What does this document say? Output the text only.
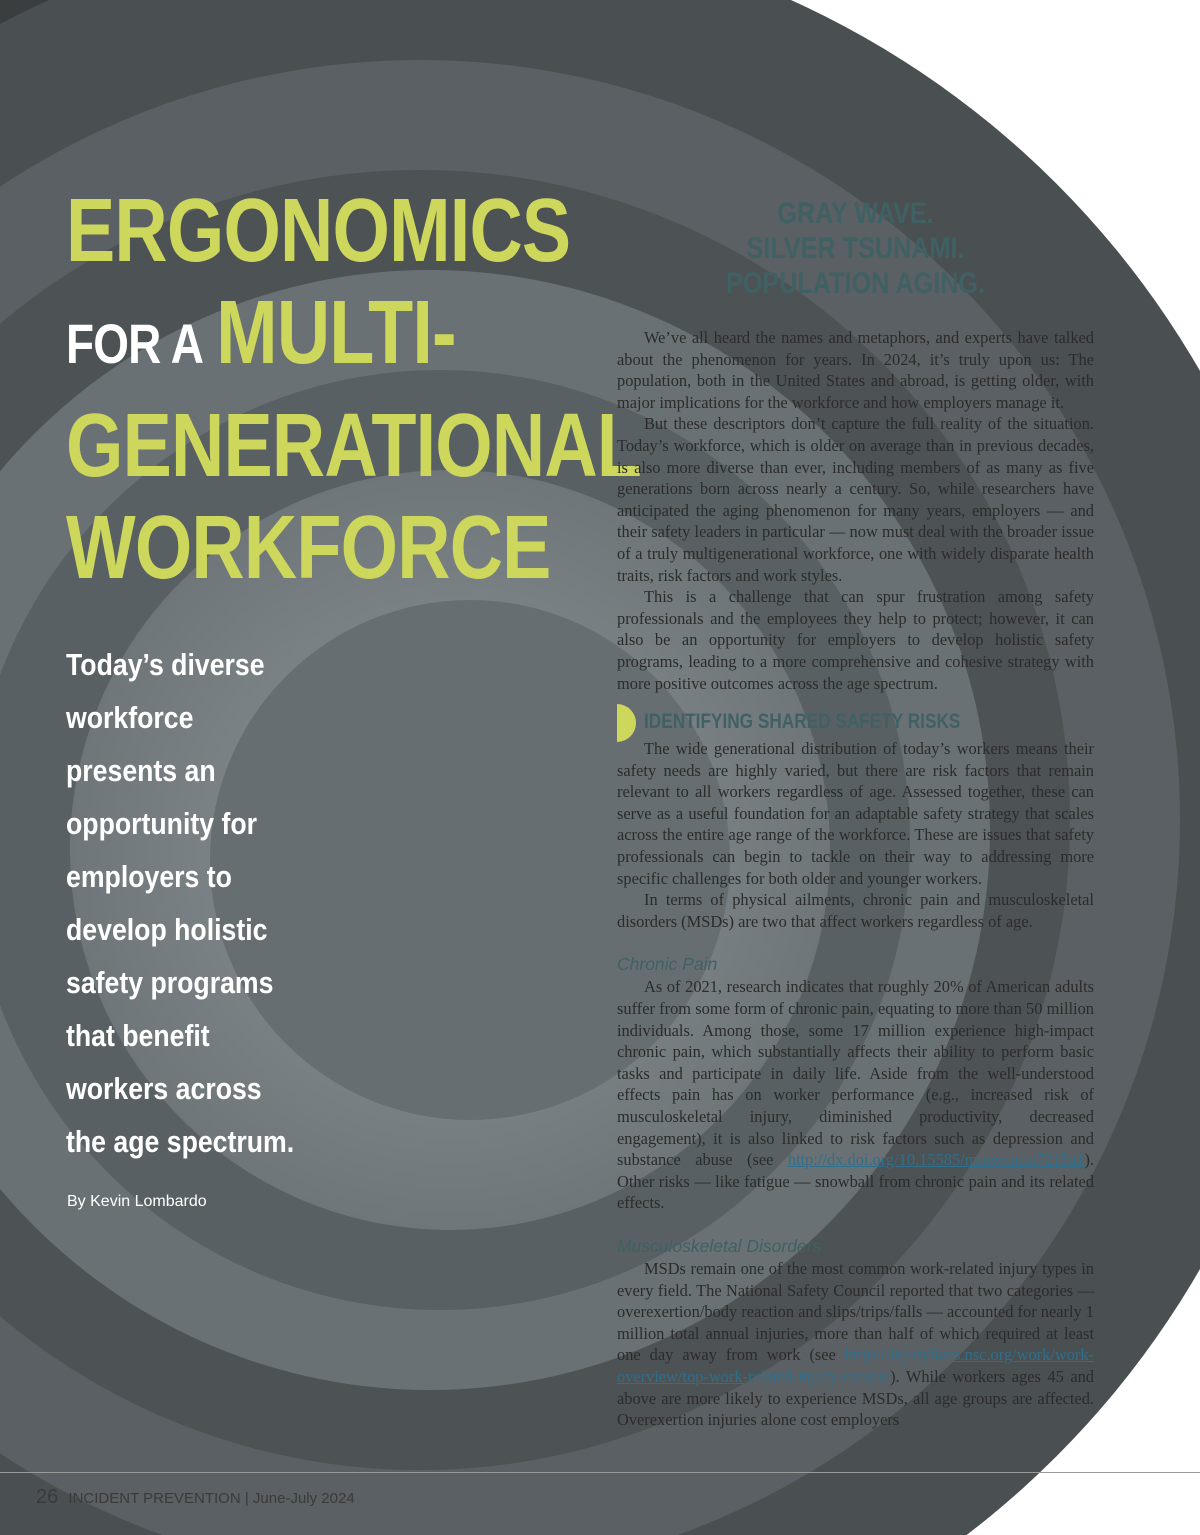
ERGONOMICS
FOR A MULTI-
GENERATIONAL
WORKFORCE
Today’s diverse
workforce
presents an
opportunity for
employers to
develop holistic
safety programs
that benefit
workers across
the age spectrum.
By Kevin Lombardo
GRAY WAVE.
SILVER TSUNAMI.
POPULATION AGING.

We’ve all heard the names and metaphors, and experts have talked about the phenomenon for years. In 2024, it’s truly upon us: The population, both in the United States and abroad, is getting older, with major implications for the workforce and how employers manage it.

But these descriptors don’t capture the full reality of the situation. Today’s workforce, which is older on average than in previous decades, is also more diverse than ever, including members of as many as five generations born across nearly a century. So, while researchers have anticipated the aging phenomenon for many years, employers — and their safety leaders in particular — now must deal with the broader issue of a truly multigenerational workforce, one with widely disparate health traits, risk factors and work styles.

This is a challenge that can spur frustration among safety professionals and the employees they help to protect; however, it can also be an opportunity for employers to develop holistic safety programs, leading to a more comprehensive and cohesive strategy with more positive outcomes across the age spectrum.

IDENTIFYING SHARED SAFETY RISKS

The wide generational distribution of today’s workers means their safety needs are highly varied, but there are risk factors that remain relevant to all workers regardless of age. Assessed together, these can serve as a useful foundation for an adaptable safety strategy that scales across the entire age range of the workforce. These are issues that safety professionals can begin to tackle on their way to addressing more specific challenges for both older and younger workers.

In terms of physical ailments, chronic pain and musculoskeletal disorders (MSDs) are two that affect workers regardless of age.

Chronic Pain

As of 2021, research indicates that roughly 20% of American adults suffer from some form of chronic pain, equating to more than 50 million individuals. Among those, some 17 million experience high-impact chronic pain, which substantially affects their ability to perform basic tasks and participate in daily life. Aside from the well-understood effects pain has on worker performance (e.g., increased risk of musculoskeletal injury, diminished productivity, decreased engagement), it is also linked to risk factors such as depression and substance abuse (see http://dx.doi.org/10.15585/mmwr.mm7215a1). Other risks — like fatigue — snowball from chronic pain and its related effects.

Musculoskeletal Disorders

MSDs remain one of the most common work-related injury types in every field. The National Safety Council reported that two categories — overexertion/body reaction and slips/trips/falls — accounted for nearly 1 million total annual injuries, more than half of which required at least one day away from work (see https://injuryfacts.nsc.org/work/work-overview/top-work-related-injury-causes/). While workers ages 45 and above are more likely to experience MSDs, all age groups are affected. Overexertion injuries alone cost employers

26 INCIDENT PREVENTION | June-July 2024
